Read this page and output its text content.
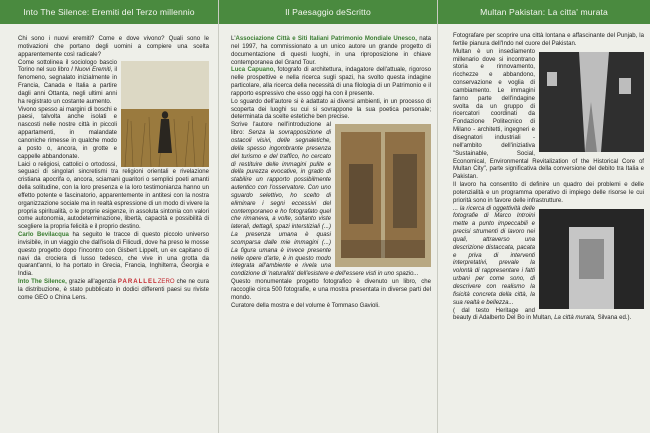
Into The Silence: Eremiti del Terzo millennio

Chi sono i nuovi eremiti? Come e dove vivono? Quali sono le motivazioni che portano degli uomini a compiere una scelta apparentemente così radicale?

Come sottolinea il sociologo bascio Torino nel suo libro I Nuovi Eremiti, il fenomeno, segnalato inizialmente in Francia, Canada e Italia a partire dagli anni Ottanta, negli ultimi anni ha registrato un costante aumento.

Vivono spesso ai margini di boschi e paesi, talvolta anche isolati e nascosti nelle nostre città in piccoli appartamenti, in malandate canoniche rimesse in qualche modo a posto o, ancora, in grotte e cappelle abbandonate.

Laici o religiosi, cattolici o ortodossi, seguaci di singolari sincretismi tra religioni orientali e rivelazione cristiana apocrifa o, ancora, sciamani guaritori o semplici poeti amanti della solitudine, con la loro presenza e la loro testimonianza hanno un effetto potente e fascinatorio, apparentemente in antitesi con la nostra organizzazione sociale ma in realtà espressione di un modo di vivere la propria spiritualità, o le proprie esigenze, in assoluta sintonia con valori come autonomia, autodeterminazione, libertà, capacità e possibilità di scegliere la propria felicità e il proprio destino.

Carlo Bevilacqua ha seguito le tracce di questo piccolo universo invisibile, in un viaggio che dall'isola di Filicudi, dove ha preso le mosse questo progetto dopo l'incontro con Gisbert Lippelt, un ex capitano di navi da crociera di lusso tedesco, che vive in una grotta da quarant'anni, lo ha portato in Grecia, Francia, Inghilterra, Georgia e India.

Into The Silence, grazie all'agenzia PARALLELZERO che ne cura la distribuzione, è stato pubblicato in dodici differenti paesi su riviste come GEO o China Lens.

Il Paesaggio deScritto

L'Associazione Città e Siti Italiani Patrimonio Mondiale Unesco, nata nel 1997, ha commissionato a un unico autore un grande progetto di documentazione di questi luoghi, in una riproposizione in chiave contemporanea del Grand Tour.

Luca Capuano, fotografo di architettura, indagatore dell'attuale, rigoroso nelle prospettive e nella ricerca sugli spazi, ha svolto questa indagine particolare, alla ricerca della necessità di una filologia di un Patrimonio e il rapporto espressivo che esso oggi ha con il presente.

Lo sguardo dell'autore si è adattato ai diversi ambienti, in un processo di scoperta dei luoghi su cui si sovrappone la sua poetica personale; determinata da scelte estetiche ben precise.

Scrive l'autore nell'introduzione al libro: Senza la sovrapposizione di ostacoli visivi, delle segnaletiche, della spesso ingombrante presenza del turismo e del traffico, ho cercato di restituire delle immagini pulite e della purezza evocative, in grado di stabilire un rapporto possibilmente autentico con l'osservatore. Con uno sguardo selettivo, ho scelto di eliminare i segni eccessivi del contemporaneo e ho fotografato quel che rimaneva, a volte, soltanto viste laterali, dettagli, spazi interstiziali (...) La presenza umana è quasi scomparsa dalle mie immagini (...) La figura umana è invece presente nelle opere d'arte, è in questo modo integrata all'ambiente e rivela una condizione di 'naturalità' dell'esistere e dell'essere visti in uno spazio...

Questo monumentale progetto fotografico è divenuto un libro, che raccoglie circa 500 fotografie, e una mostra presentata in diverse parti del mondo.

Curatore della mostra e del volume è Tommaso Gavioli.

Multan Pakistan: La citta' murata

Fotografare per scoprire una città lontana e affascinante del Punjab, la fertile pianura dell'Indo nel cuore del Pakistan.

Multan è un insediamento millenario dove si incontrano storia e rinnovamento, ricchezze e abbandono, conservazione e voglia di cambiamento. Le immagini fanno parte dell'indagine svolta da un gruppo di ricercatori coordinati da Fondazione Politecnico di Milano - architetti, ingegneri e disegnatori industriali - nell'ambito dell'iniziativa "Sustainable, Social, Economical, Environmental Revitalization of the Historical Core of Multan City", parte significativa della conversione del debito tra Italia e Pakistan.

Il lavoro ha consentito di definire un quadro dei problemi e delle potenzialità e un programma operativo di impiego delle risorse le cui priorità sono in favore delle infrastrutture.

... la ricerca di oggettività delle fotografie di Marco Introini mette a punto impeccabili e precisi strumenti di lavoro nei quali, attraverso una descrizione distaccata, pacata e priva di interventi interpretativi, prevale la volontà di rappresentare i fatti urbani per come sono, di descrivere con realismo la fisicità concreta della città, la sua realtà e bellezza...

( dal testo Heritage and beauty di Adalberto Del Bo in Multan, La città murata, Silvana ed.).
